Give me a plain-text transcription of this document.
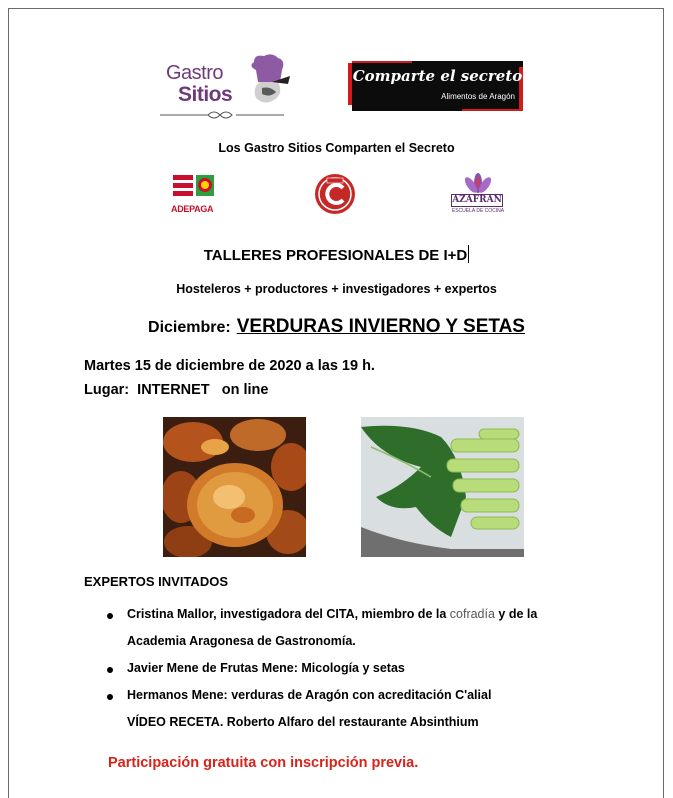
Gastro
Sitios
Comparte el secreto
Alimentos de Aragón
Los Gastro Sitios Comparten el Secreto
ADEPAGA
AZAFRAN
ESCUELA DE COCINA
TALLERES PROFESIONALES DE I+D
Hosteleros + productores + investigadores + expertos
Diciembre: VERDURAS INVIERNO Y SETAS
Martes 15 de diciembre de 2020 a las 19 h.
Lugar:  INTERNET   on line
EXPERTOS INVITADOS
Cristina Mallor, investigadora del CITA, miembro de la cofradía y de la
Academia Aragonesa de Gastronomía.
Javier Mene de Frutas Mene: Micología y setas
Hermanos Mene: verduras de Aragón con acreditación C'alial
VÍDEO RECETA. Roberto Alfaro del restaurante Absinthium
Participación gratuita con inscripción previa.
